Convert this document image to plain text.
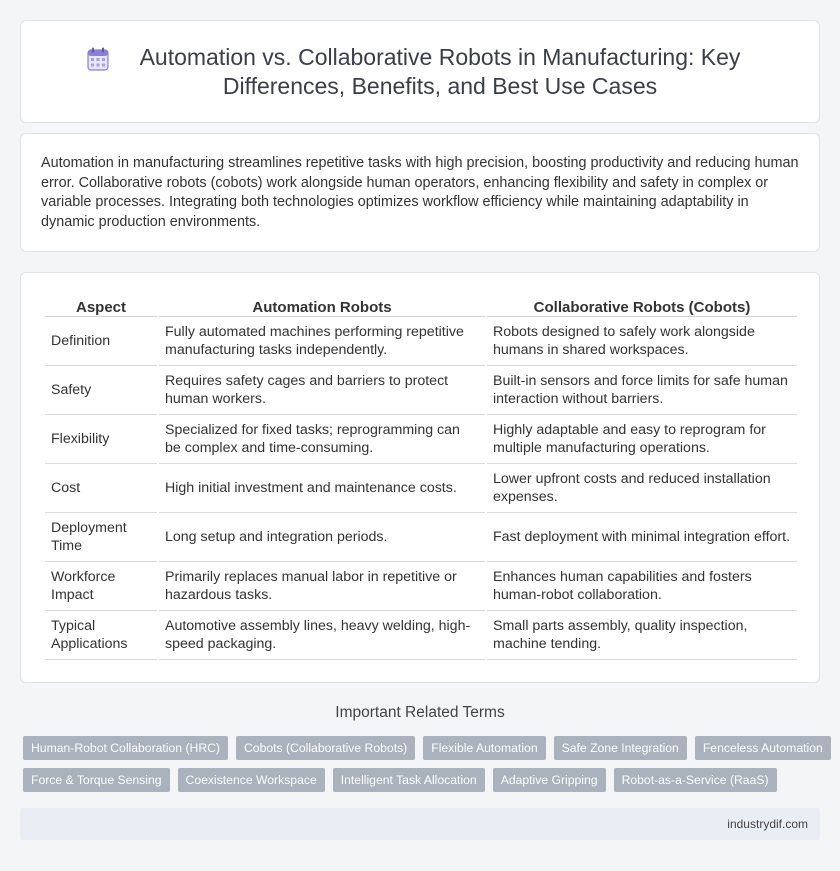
Automation vs. Collaborative Robots in Manufacturing: Key
Differences, Benefits, and Best Use Cases

Automation in manufacturing streamlines repetitive tasks with high precision, boosting productivity and reducing human error. Collaborative robots (cobots) work alongside human operators, enhancing flexibility and safety in complex or variable processes. Integrating both technologies optimizes workflow efficiency while maintaining adaptability in dynamic production environments.

Aspect	Automation Robots	Collaborative Robots (Cobots)
Definition	Fully automated machines performing repetitive manufacturing tasks independently.	Robots designed to safely work alongside humans in shared workspaces.
Safety	Requires safety cages and barriers to protect human workers.	Built-in sensors and force limits for safe human interaction without barriers.
Flexibility	Specialized for fixed tasks; reprogramming can be complex and time-consuming.	Highly adaptable and easy to reprogram for multiple manufacturing operations.
Cost	High initial investment and maintenance costs.	Lower upfront costs and reduced installation expenses.
Deployment Time	Long setup and integration periods.	Fast deployment with minimal integration effort.
Workforce Impact	Primarily replaces manual labor in repetitive or hazardous tasks.	Enhances human capabilities and fosters human-robot collaboration.
Typical Applications	Automotive assembly lines, heavy welding, high-speed packaging.	Small parts assembly, quality inspection, machine tending.
Important Related Terms
Human-Robot Collaboration (HRC)	Cobots (Collaborative Robots)	Flexible Automation	Safe Zone Integration	Fenceless Automation
Force & Torque Sensing	Coexistence Workspace	Intelligent Task Allocation	Adaptive Gripping	Robot-as-a-Service (RaaS)
industrydif.com
